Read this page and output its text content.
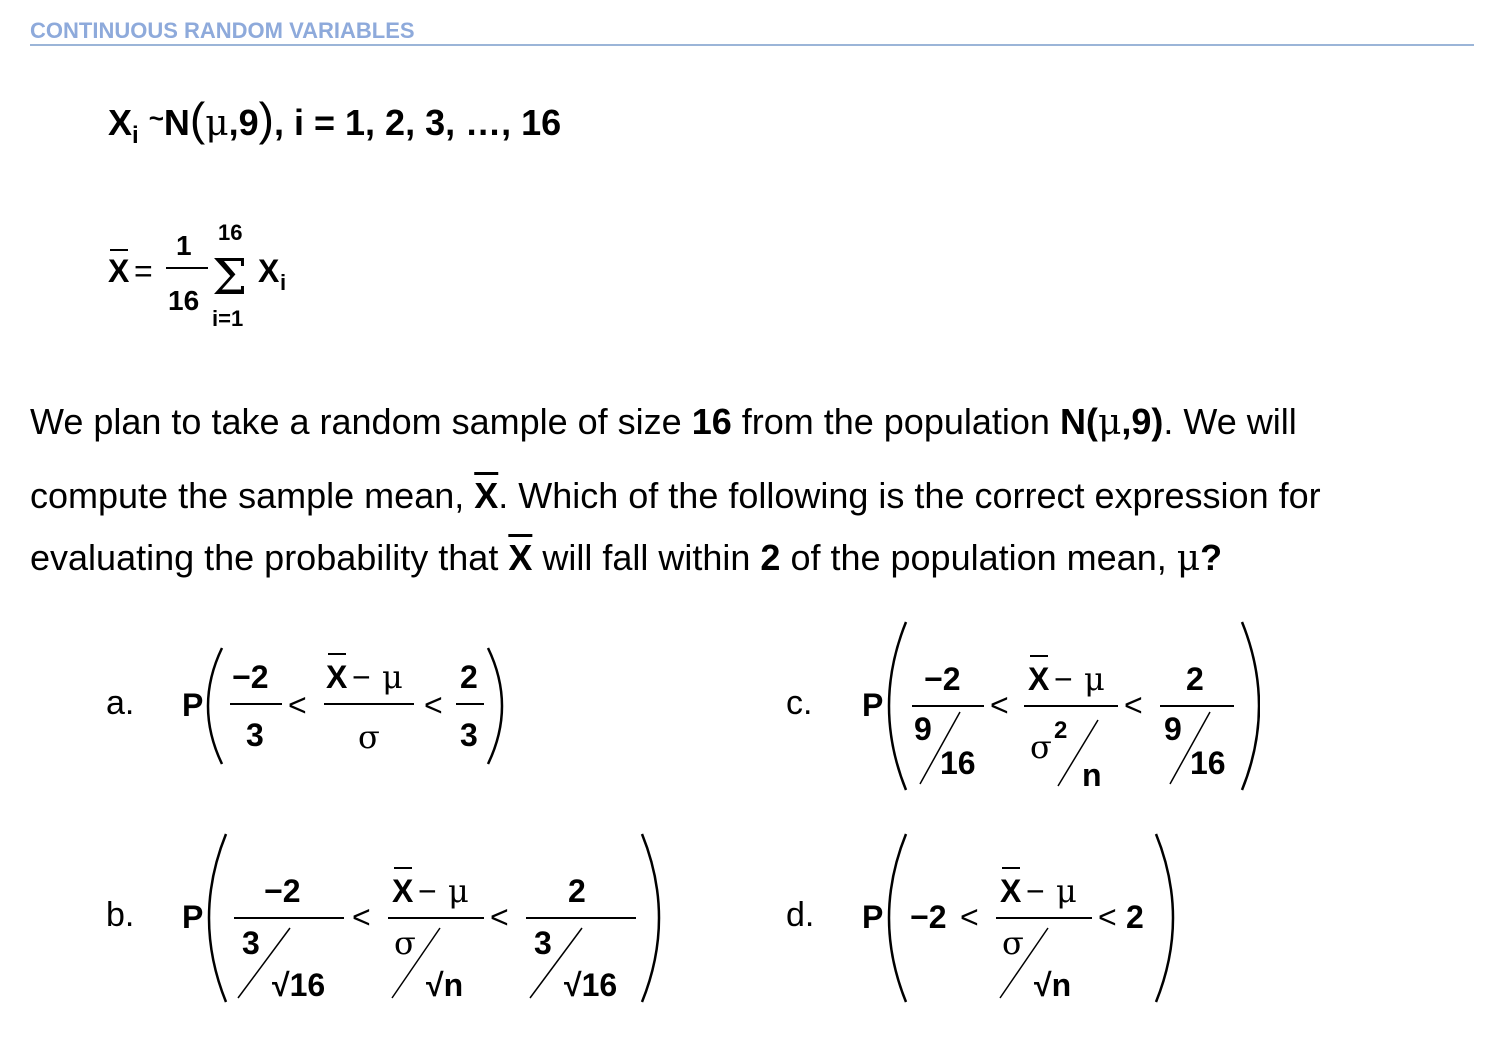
CONTINUOUS RANDOM VARIABLES
$X_i$ ~N(μ,9), i = 1, 2, 3, …, 16
X =
1
16
16
Σ
i=1
X i
We plan to take a random sample of size 16 from the population N(μ,9). We will
compute the sample mean, $\overline{X}$. Which of the following is the correct expression for
evaluating the probability that $\overline{X}$ will fall within 2 of the population mean, μ?
a. P
−2
3
<
X − μ
σ
<
2
3
b. P
−2
3
√16
<
X − μ
σ
√n
<
2
3
√16
c. P
−2
9
16
<
X − μ
σ 2
n
<
2
9
16
d. P −2 <
X − μ
σ
√n
< 2
